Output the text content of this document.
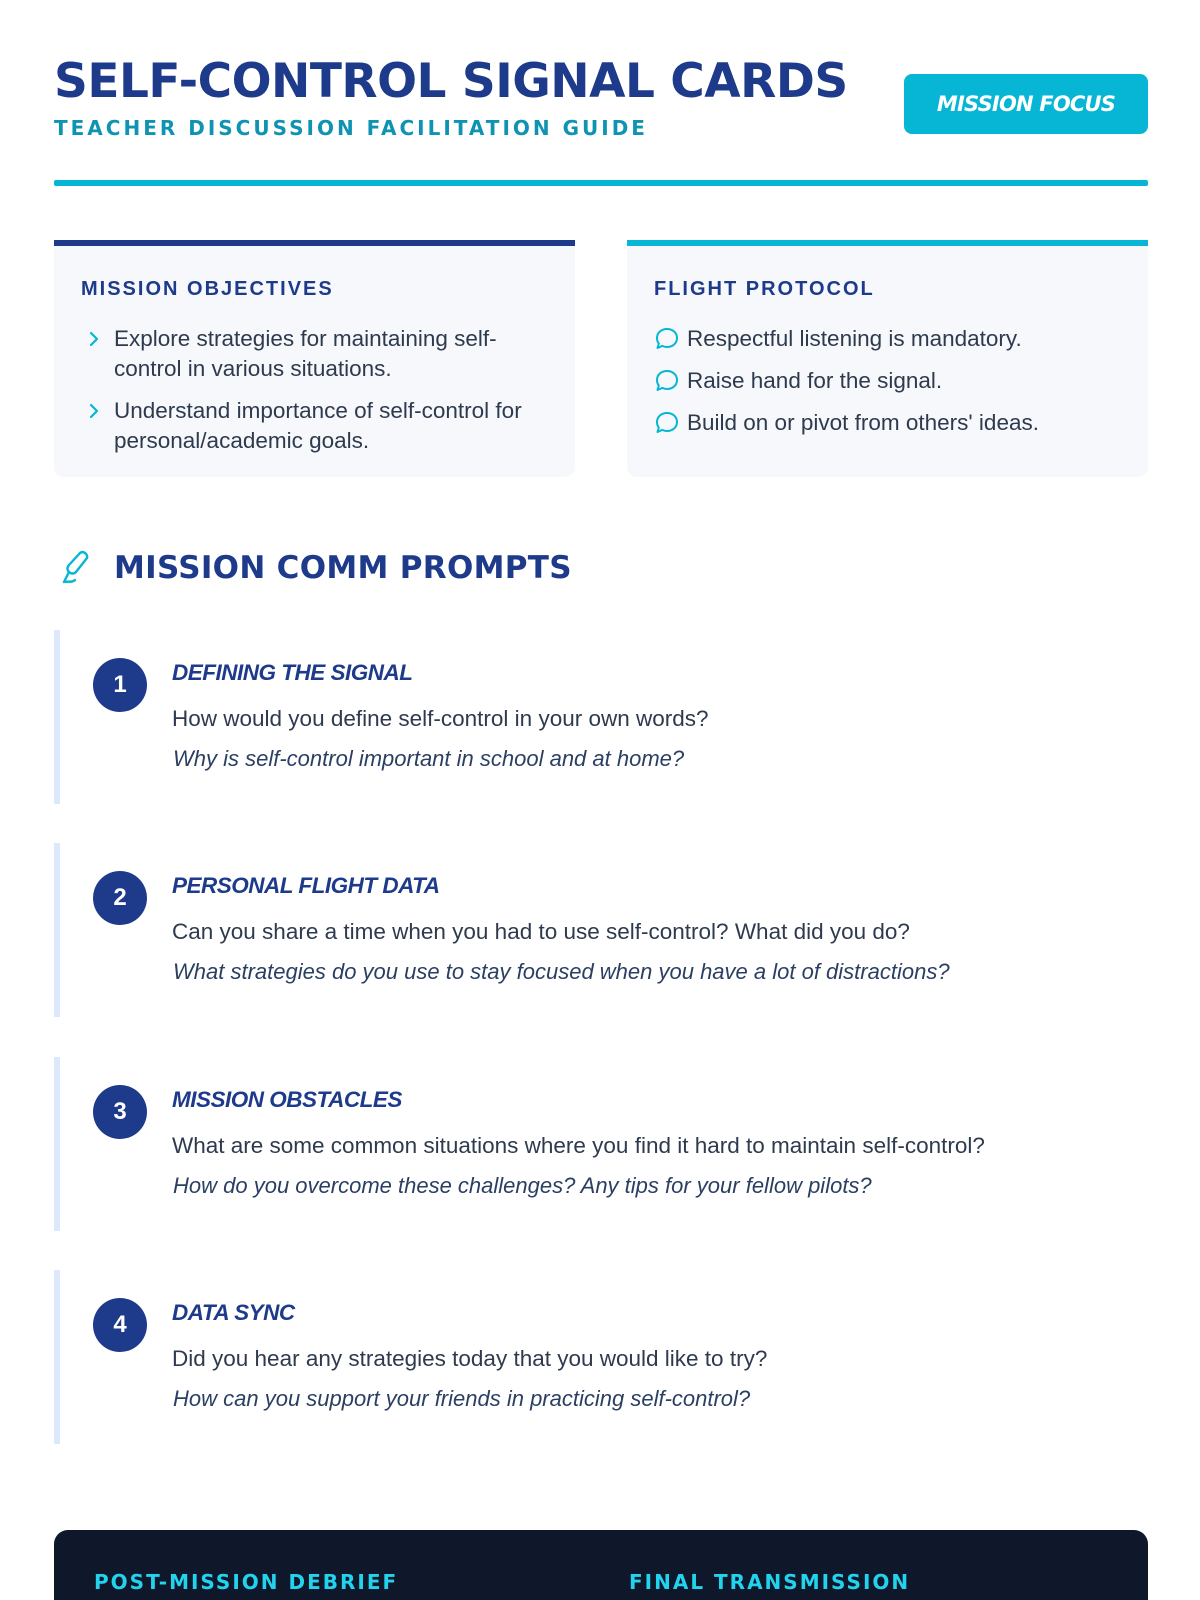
SELF-CONTROL SIGNAL CARDS
TEACHER DISCUSSION FACILITATION GUIDE
MISSION FOCUS
MISSION OBJECTIVES
Explore strategies for maintaining self-control in various situations.
Understand importance of self-control for personal/academic goals.
FLIGHT PROTOCOL
Respectful listening is mandatory.
Raise hand for the signal.
Build on or pivot from others' ideas.
MISSION COMM PROMPTS
1	DEFINING THE SIGNAL
How would you define self-control in your own words?
Why is self-control important in school and at home?
2	PERSONAL FLIGHT DATA
Can you share a time when you had to use self-control? What did you do?
What strategies do you use to stay focused when you have a lot of distractions?
3	MISSION OBSTACLES
What are some common situations where you find it hard to maintain self-control?
How do you overcome these challenges? Any tips for your fellow pilots?
4	DATA SYNC
Did you hear any strategies today that you would like to try?
How can you support your friends in practicing self-control?
POST-MISSION DEBRIEF	FINAL TRANSMISSION
